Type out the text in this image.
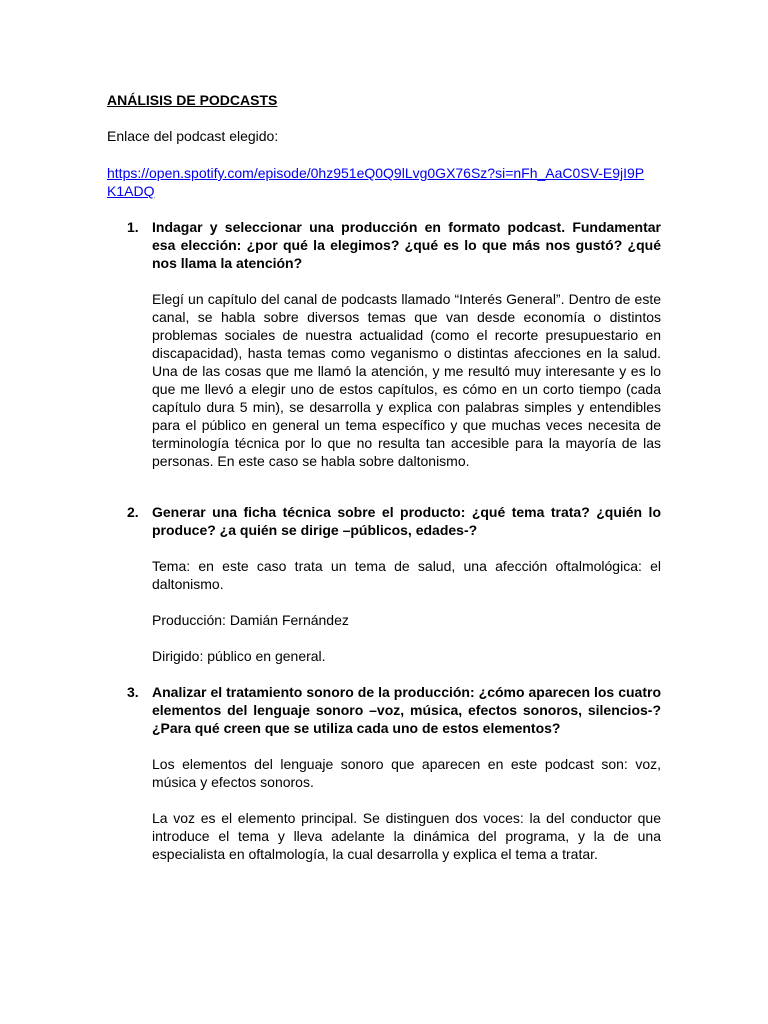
ANÁLISIS DE PODCASTS

Enlace del podcast elegido:

https://open.spotify.com/episode/0hz951eQ0Q9lLvg0GX76Sz?si=nFh_AaC0SV-E9jI9PK1ADQ
1. Indagar y seleccionar una producción en formato podcast. Fundamentar esa elección: ¿por qué la elegimos? ¿qué es lo que más nos gustó? ¿qué nos llama la atención?

Elegí un capítulo del canal de podcasts llamado “Interés General”. Dentro de este canal, se habla sobre diversos temas que van desde economía o distintos problemas sociales de nuestra actualidad (como el recorte presupuestario en discapacidad), hasta temas como veganismo o distintas afecciones en la salud. Una de las cosas que me llamó la atención, y me resultó muy interesante y es lo que me llevó a elegir uno de estos capítulos, es cómo en un corto tiempo (cada capítulo dura 5 min), se desarrolla y explica con palabras simples y entendibles para el público en general un tema específico y que muchas veces necesita de terminología técnica por lo que no resulta tan accesible para la mayoría de las personas. En este caso se habla sobre daltonismo.

2. Generar una ficha técnica sobre el producto: ¿qué tema trata? ¿quién lo produce? ¿a quién se dirige –públicos, edades-?

Tema: en este caso trata un tema de salud, una afección oftalmológica: el daltonismo.

Producción: Damián Fernández

Dirigido: público en general.

3. Analizar el tratamiento sonoro de la producción: ¿cómo aparecen los cuatro elementos del lenguaje sonoro –voz, música, efectos sonoros, silencios-? ¿Para qué creen que se utiliza cada uno de estos elementos?

Los elementos del lenguaje sonoro que aparecen en este podcast son: voz, música y efectos sonoros.

La voz es el elemento principal. Se distinguen dos voces: la del conductor que introduce el tema y lleva adelante la dinámica del programa, y la de una especialista en oftalmología, la cual desarrolla y explica el tema a tratar.
